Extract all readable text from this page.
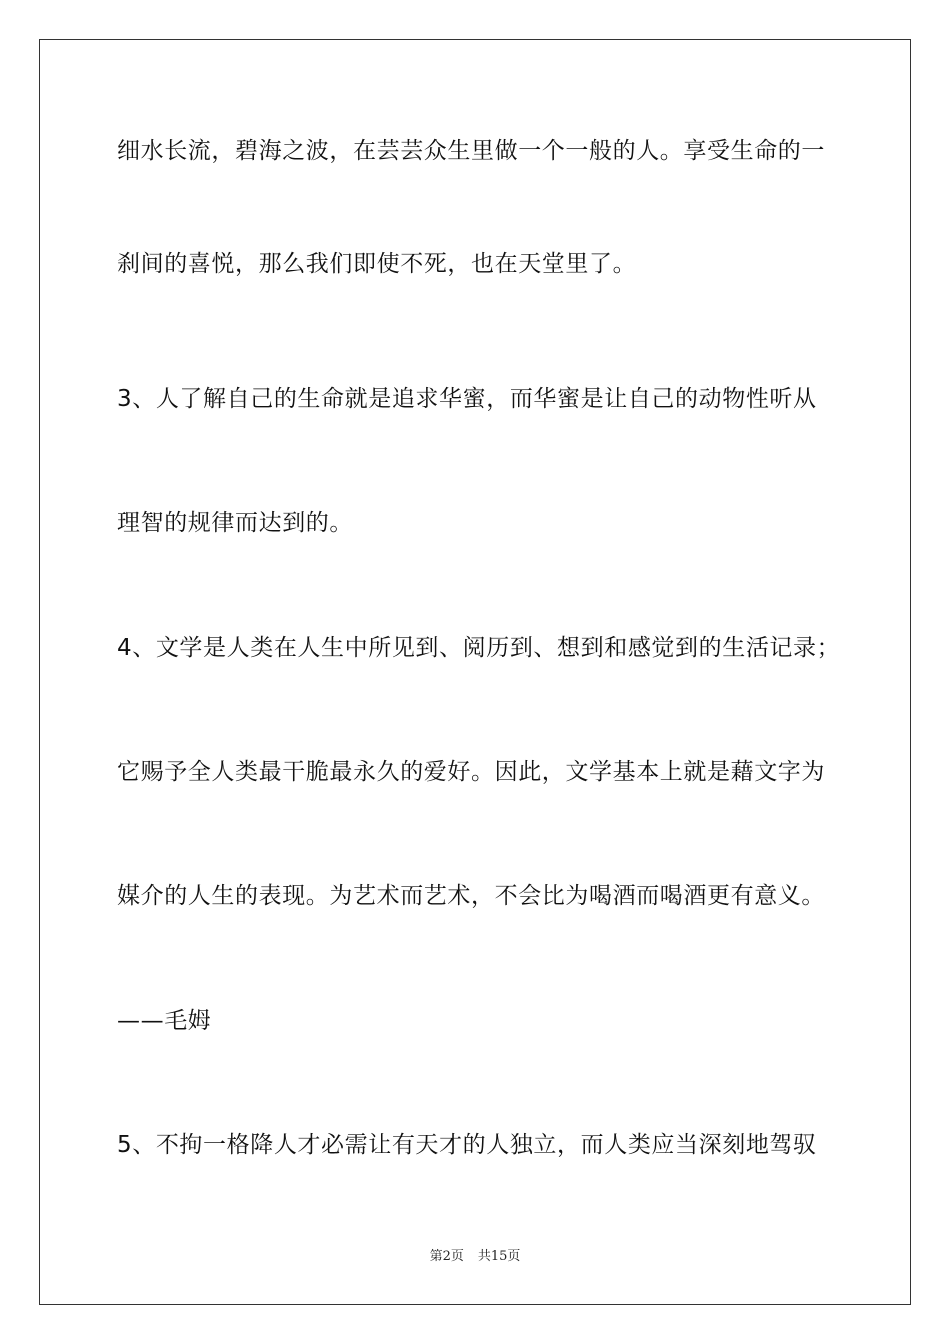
细水长流，碧海之波，在芸芸众生里做一个一般的人。享受生命的一
刹间的喜悦，那么我们即使不死，也在天堂里了。
3、人了解自己的生命就是追求华蜜，而华蜜是让自己的动物性听从
理智的规律而达到的。
4、文学是人类在人生中所见到、阅历到、想到和感觉到的生活记录；
它赐予全人类最干脆最永久的爱好。因此，文学基本上就是藉文字为
媒介的人生的表现。为艺术而艺术，不会比为喝酒而喝酒更有意义。
——毛姆
5、不拘一格降人才必需让有天才的人独立，而人类应当深刻地驾驭
第2页 共15页
